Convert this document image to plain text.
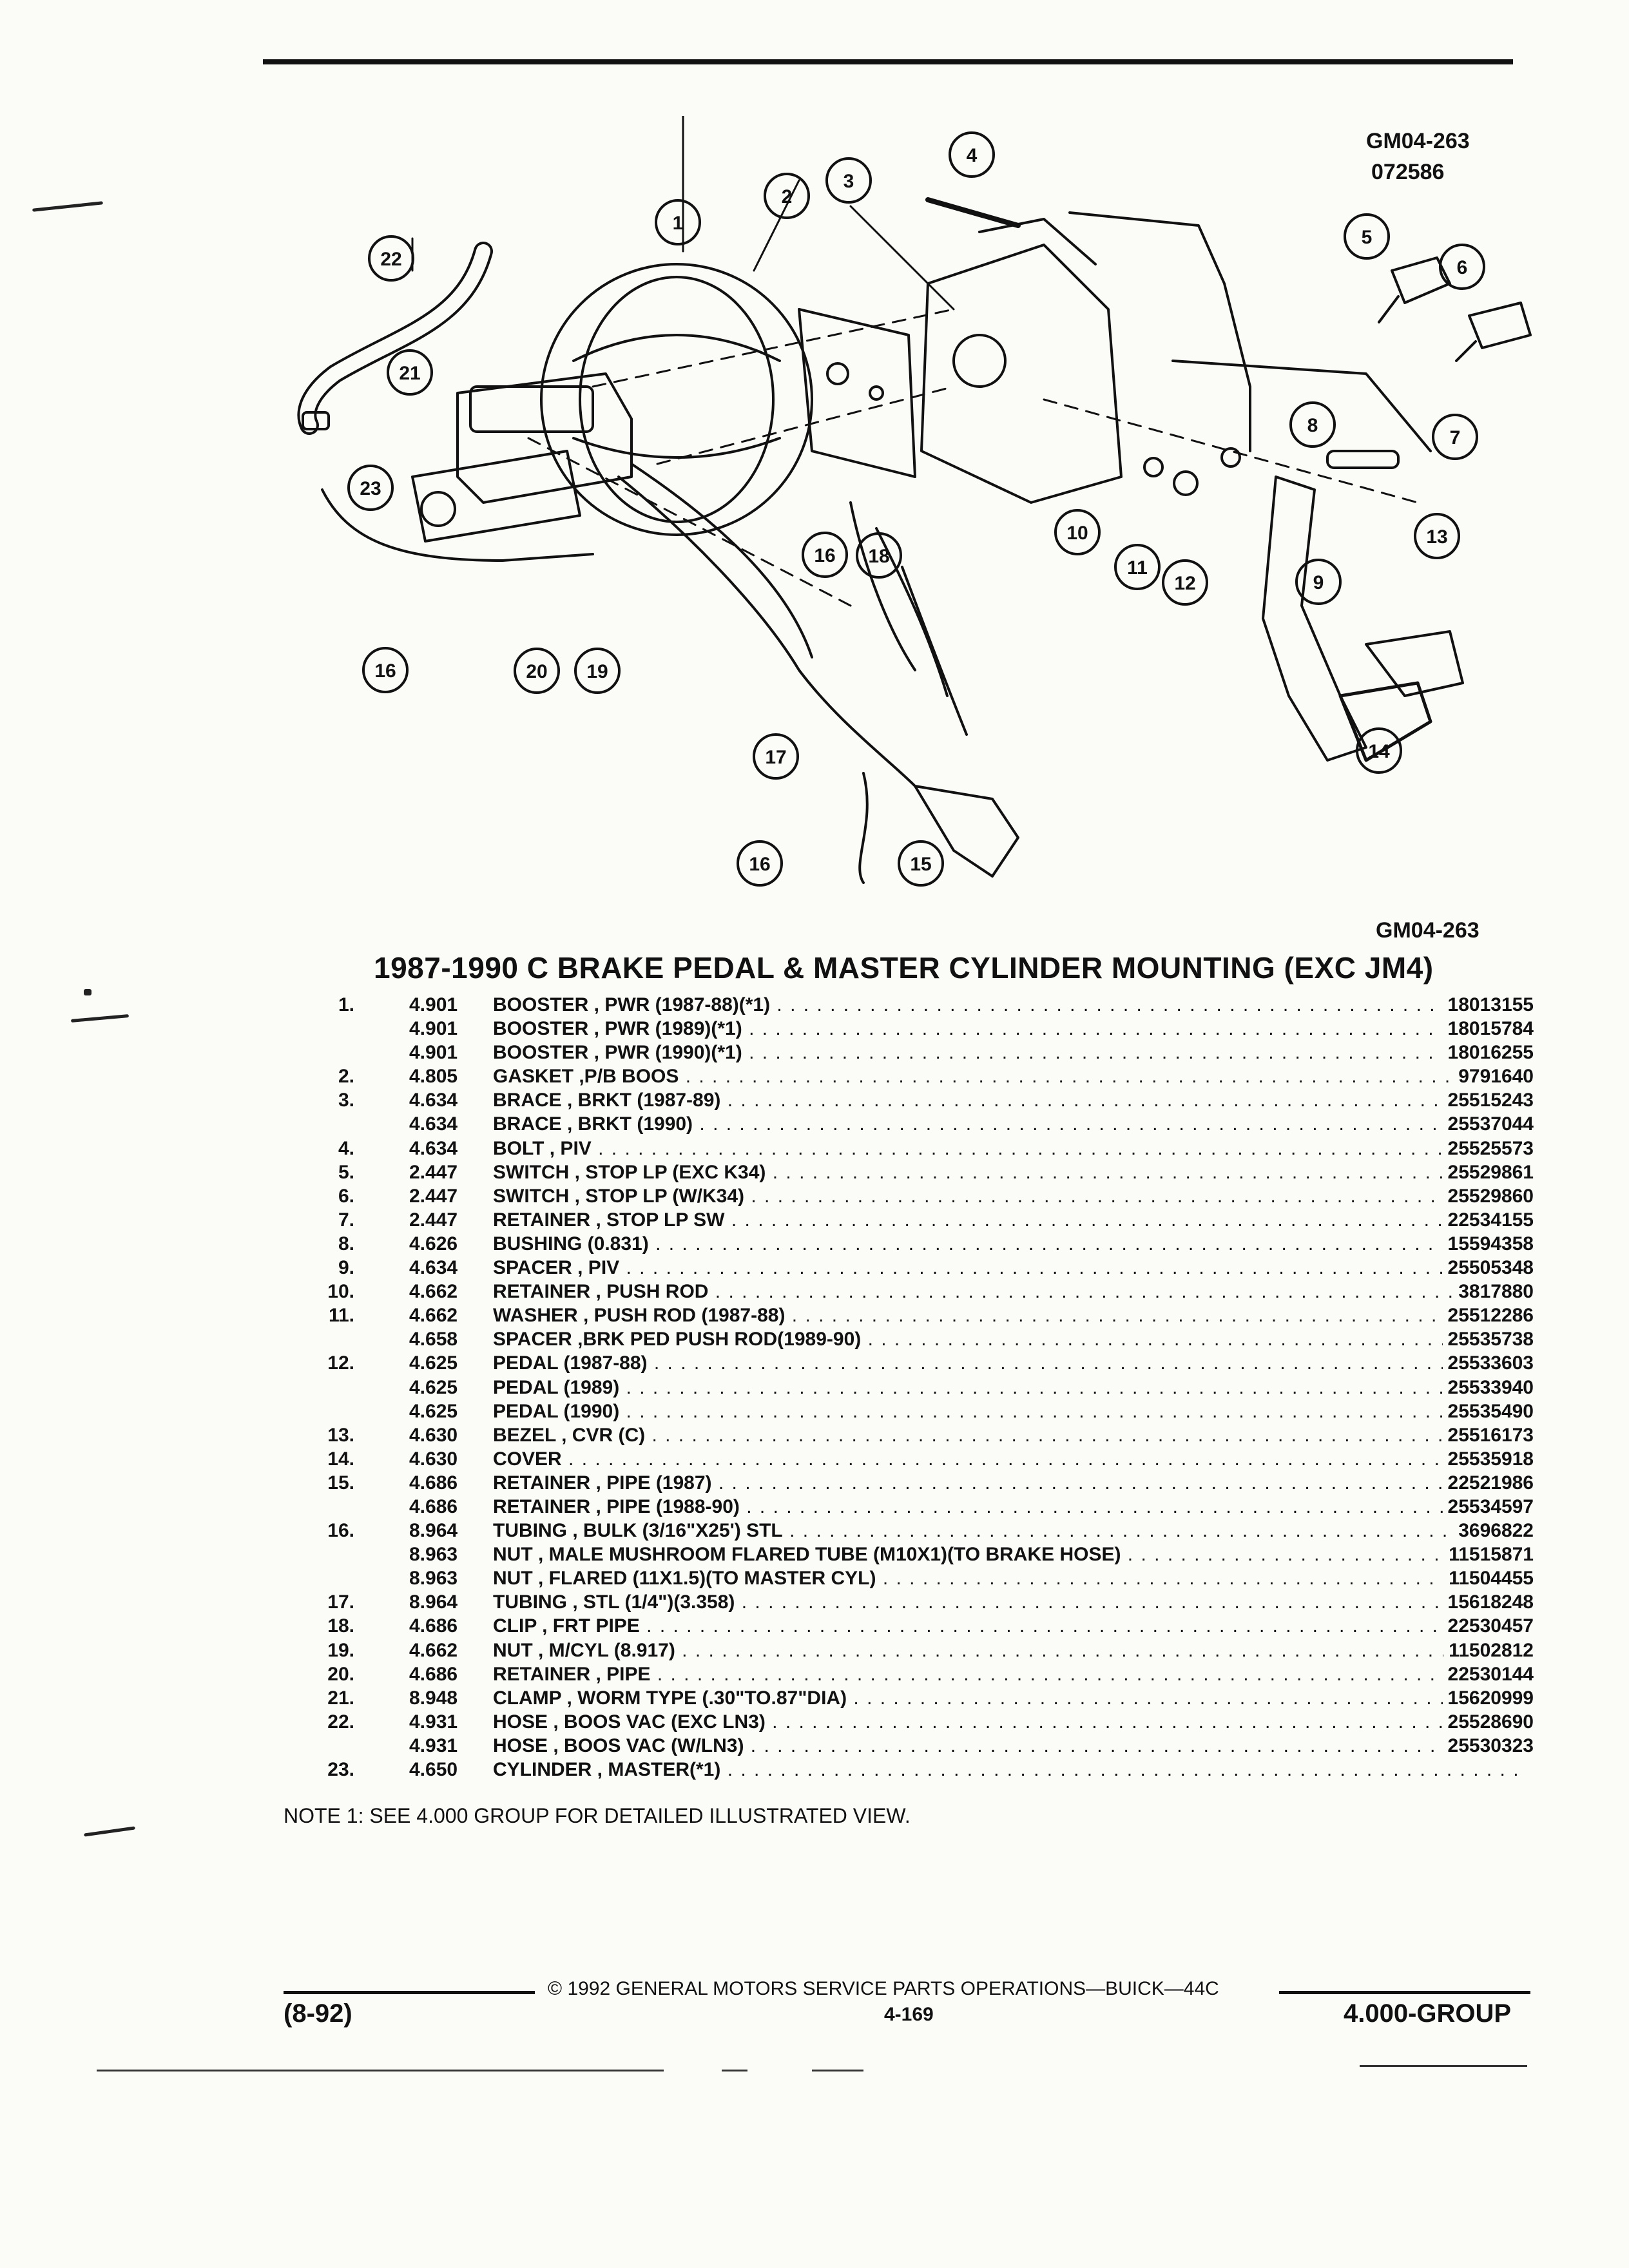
GM04-263
072586
1
2
3
4
5
6
7
8
9
10
11
12
13
14
15
16
16
16
17
18
19
20
21
22
23
GM04-263
1987-1990 C BRAKE PEDAL & MASTER CYLINDER MOUNTING (EXC JM4)
1.	4.901 BOOSTER , PWR (1987-88)(*1) . . .	18013155
4.901 BOOSTER , PWR (1989)(*1) . . .	18015784
4.901 BOOSTER , PWR (1990)(*1) . . .	18016255
2.	4.805 GASKET ,P/B BOOS . . .	9791640
3.	4.634 BRACE , BRKT (1987-89) . . .	25515243
4.634 BRACE , BRKT (1990) . . .	25537044
4.	4.634 BOLT , PIV . . .	25525573
5.	2.447 SWITCH , STOP LP (EXC K34) . . .	25529861
6.	2.447 SWITCH , STOP LP (W/K34) . . .	25529860
7.	2.447 RETAINER , STOP LP SW . . .	22534155
8.	4.626 BUSHING (0.831) . . .	15594358
9.	4.634 SPACER , PIV . . .	25505348
10.	4.662 RETAINER , PUSH ROD . . .	3817880
11.	4.662 WASHER , PUSH ROD (1987-88) . . .	25512286
4.658 SPACER ,BRK PED PUSH ROD(1989-90) . . .	25535738
12.	4.625 PEDAL (1987-88) . . .	25533603
4.625 PEDAL (1989) . . .	25533940
4.625 PEDAL (1990) . . .	25535490
13.	4.630 BEZEL , CVR (C) . . .	25516173
14.	4.630 COVER . . .	25535918
15.	4.686 RETAINER , PIPE (1987) . . .	22521986
4.686 RETAINER , PIPE (1988-90) . . .	25534597
16.	8.964 TUBING , BULK (3/16"X25') STL . . .	3696822
8.963 NUT , MALE MUSHROOM FLARED TUBE (M10X1)(TO BRAKE HOSE) . . .	11515871
8.963 NUT , FLARED (11X1.5)(TO MASTER CYL) . . .	11504455
17.	8.964 TUBING , STL (1/4")(3.358) . . .	15618248
18.	4.686 CLIP , FRT PIPE . . .	22530457
19.	4.662 NUT , M/CYL (8.917) . . .	11502812
20.	4.686 RETAINER , PIPE . . .	22530144
21.	8.948 CLAMP , WORM TYPE (.30"TO.87"DIA) . . .	15620999
22.	4.931 HOSE , BOOS VAC (EXC LN3) . . .	25528690
4.931 HOSE , BOOS VAC (W/LN3) . . .	25530323
23.	4.650 CYLINDER , MASTER(*1) . . .
NOTE 1: SEE 4.000 GROUP FOR DETAILED ILLUSTRATED VIEW.
© 1992 GENERAL MOTORS SERVICE PARTS OPERATIONS—BUICK—44C
(8-92)	4-169	4.000-GROUP
